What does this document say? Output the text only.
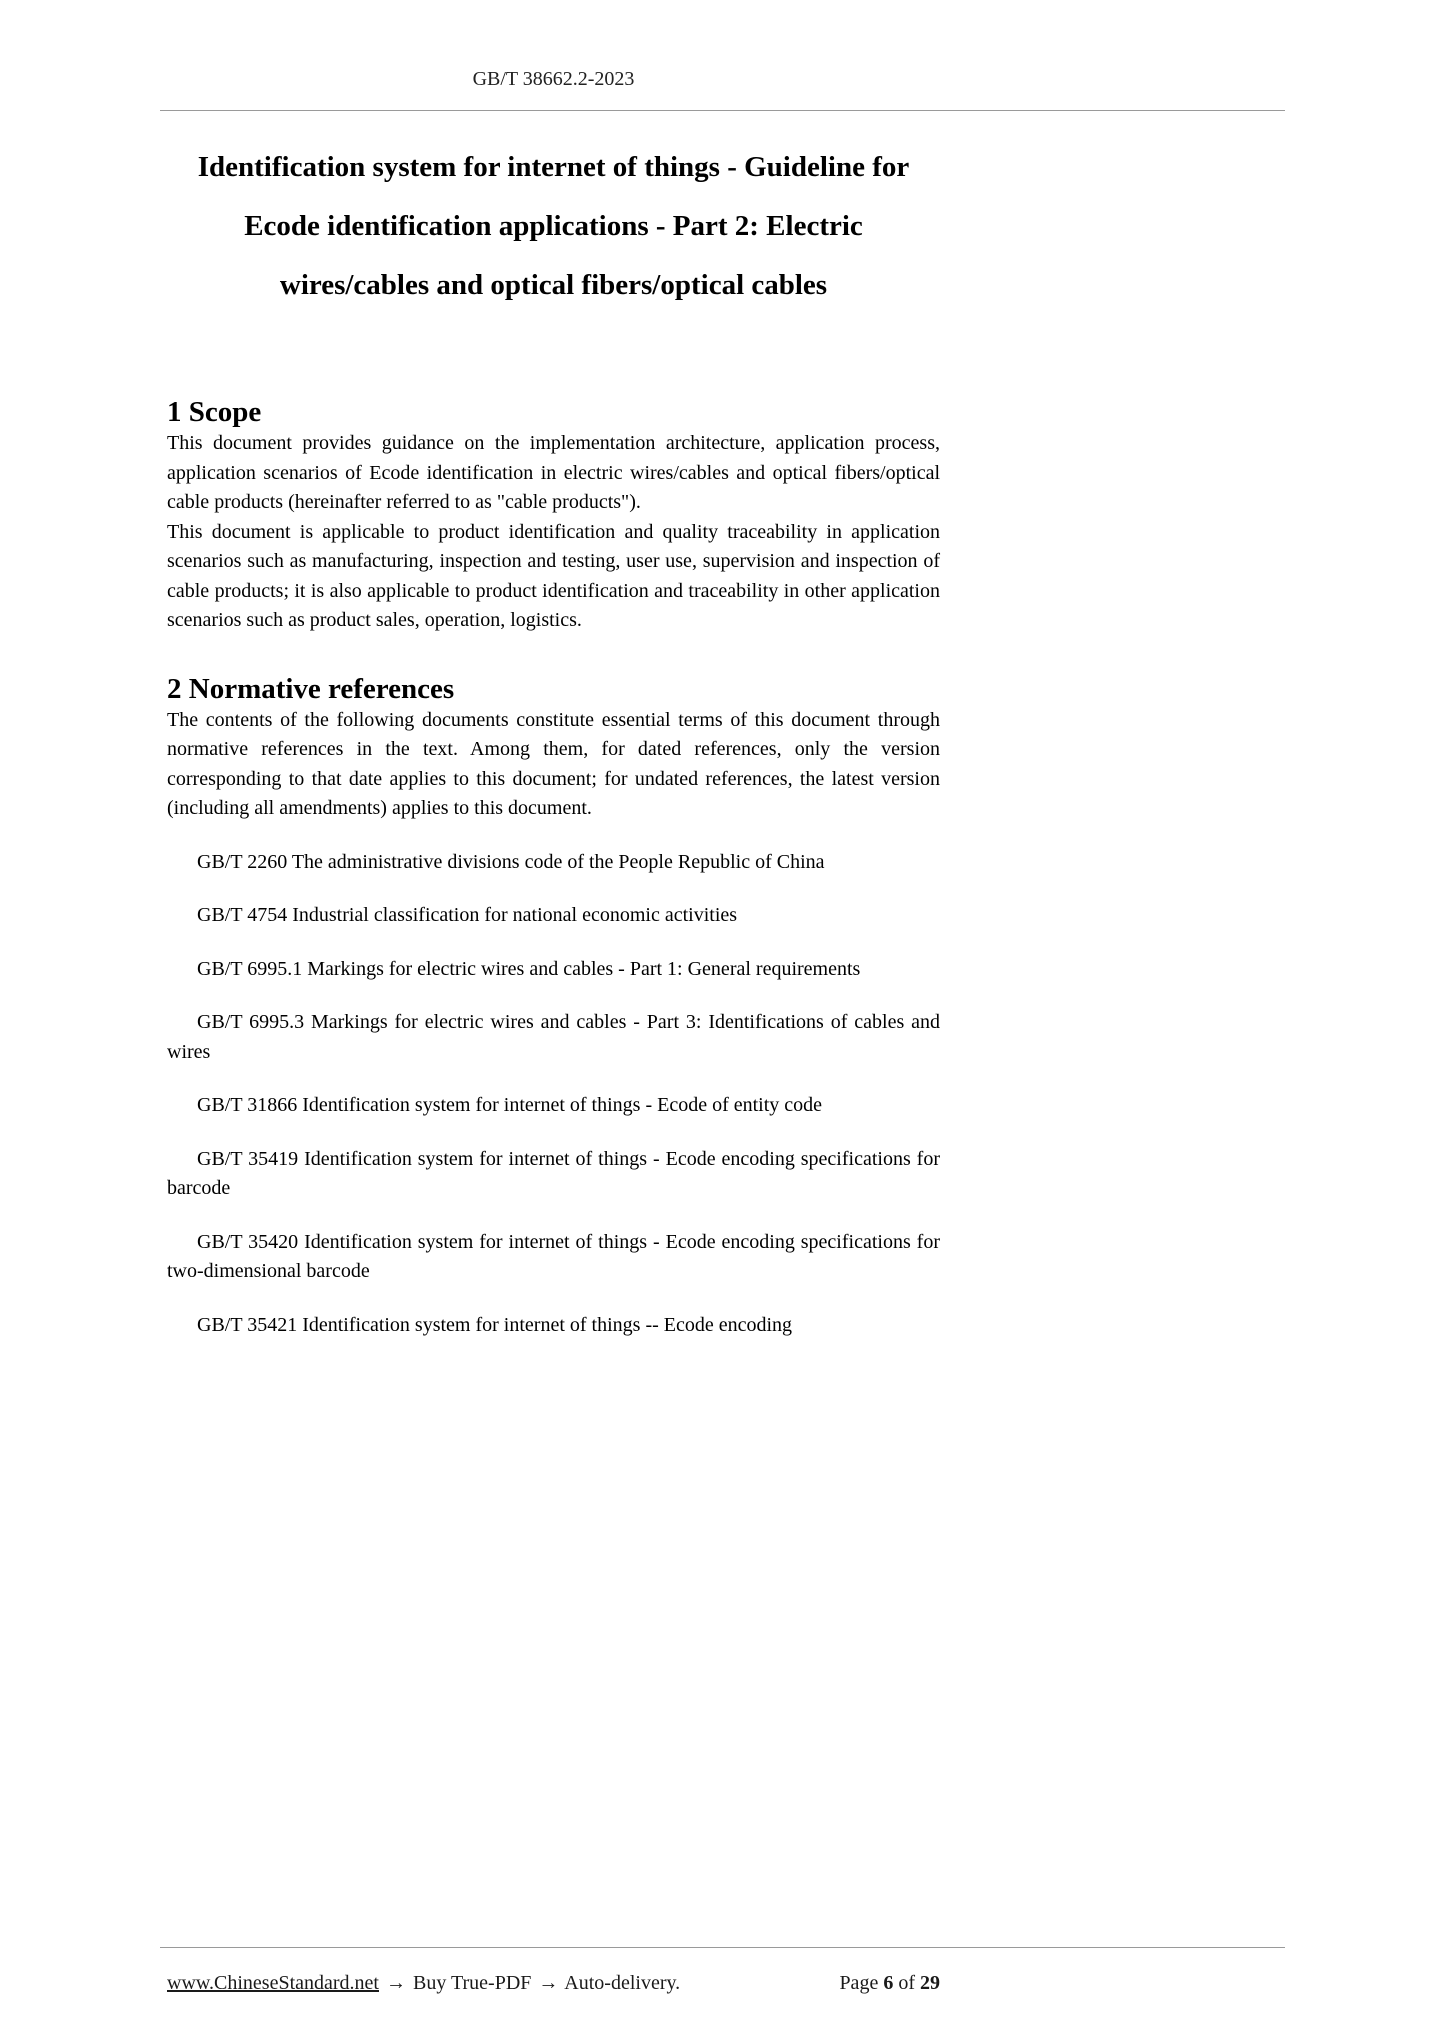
GB/T 38662.2-2023
Identification system for internet of things - Guideline for
Ecode identification applications - Part 2: Electric
wires/cables and optical fibers/optical cables
1 Scope

This document provides guidance on the implementation architecture, application process, application scenarios of Ecode identification in electric wires/cables and optical fibers/optical cable products (hereinafter referred to as "cable products").

This document is applicable to product identification and quality traceability in application scenarios such as manufacturing, inspection and testing, user use, supervision and inspection of cable products; it is also applicable to product identification and traceability in other application scenarios such as product sales, operation, logistics.

2 Normative references

The contents of the following documents constitute essential terms of this document through normative references in the text. Among them, for dated references, only the version corresponding to that date applies to this document; for undated references, the latest version (including all amendments) applies to this document.

GB/T 2260 The administrative divisions code of the People Republic of China

GB/T 4754 Industrial classification for national economic activities

GB/T 6995.1 Markings for electric wires and cables - Part 1: General requirements

GB/T 6995.3 Markings for electric wires and cables - Part 3: Identifications of cables and wires

GB/T 31866 Identification system for internet of things - Ecode of entity code

GB/T 35419 Identification system for internet of things - Ecode encoding specifications for barcode

GB/T 35420 Identification system for internet of things - Ecode encoding specifications for two-dimensional barcode

GB/T 35421 Identification system for internet of things -- Ecode encoding

www.ChineseStandard.net → Buy True-PDF → Auto-delivery.	Page 6 of 29
